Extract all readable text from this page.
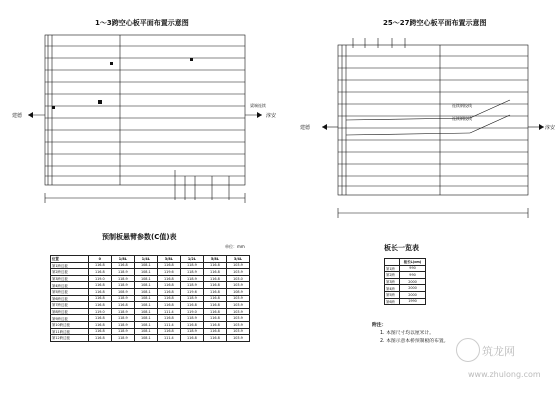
1～3跨空心板平面布置示意图
建德	淳安
梁端连续
25～27跨空心板平面布置示意图
建德	淳安
连续钢绞线
连续钢绞线
预制板悬臂参数(C值)表
单位：mm
位置	0	1/8L	1/4L	3/8L	1/2L	5/8L	3/4L
第1跨边板	116.8	116.8	108.1	116.8	118.9	116.8	103.9
第2跨边板	116.8	118.9	108.1	119.6	118.9	116.8	103.9
第3跨边板	119.0	118.9	108.1	116.8	118.9	116.8	103.0
第4跨边板	116.8	118.9	108.1	116.8	118.9	116.8	103.9
第5跨边板	116.8	108.9	108.1	116.8	119.6	116.8	108.9
第6跨边板	116.8	118.9	108.1	116.8	118.9	116.8	103.9
第7跨边板	116.8	116.8	108.1	116.8	116.8	116.8	103.9
第8跨边板	119.0	118.9	108.1	111.4	119.0	116.8	103.9
第9跨边板	116.8	118.9	108.1	116.8	118.9	116.8	103.9
第10跨边板	116.8	118.9	108.1	111.4	116.8	116.8	103.9
第11跨边板	116.8	118.9	108.1	116.8	118.9	116.8	103.9
第12跨边板	116.8	118.9	108.1	111.4	116.8	116.8	103.9
板长一览表
	板长L(cm)
第1跨	990
第2跨	990
第3跨	2000
第4跨	2000
第5跨	2000
第6跨	1990
附注：
1. 本图尺寸均以厘米计。
2. 本图示意本桥预制板的布置。
筑龙网
www.zhulong.com
